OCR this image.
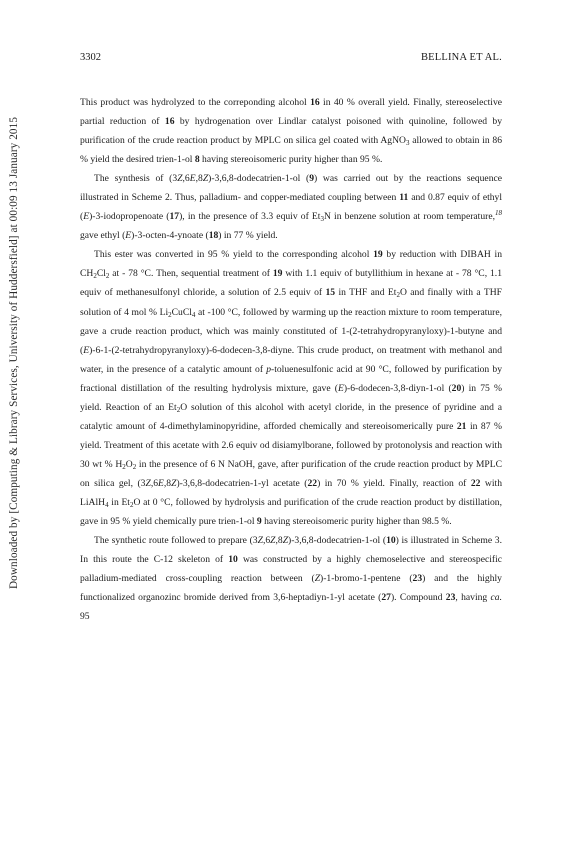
Downloaded by [Computing & Library Services, University of Huddersfield] at 00:09 13 January 2015
3302	BELLINA ET AL.

This product was hydrolyzed to the correponding alcohol 16 in 40 % overall yield. Finally, stereoselective partial reduction of 16 by hydrogenation over Lindlar catalyst poisoned with quinoline, followed by purification of the crude reaction product by MPLC on silica gel coated with AgNO$_3$ allowed to obtain in 86 % yield the desired trien-1-ol 8 having stereoisomeric purity higher than 95 %.

The synthesis of (3Z,6E,8Z)-3,6,8-dodecatrien-1-ol (9) was carried out by the reactions sequence illustrated in Scheme 2. Thus, palladium- and copper-mediated coupling between 11 and 0.87 equiv of ethyl (E)-3-iodopropenoate (17), in the presence of 3.3 equiv of $Et_3N$ in benzene solution at room temperature,$^{18}$ gave ethyl (E)-3-octen-4-ynoate (18) in 77 % yield.

This ester was converted in 95 % yield to the corresponding alcohol 19 by reduction with DIBAH in $CH_2Cl_2$ at - 78 °C. Then, sequential treatment of 19 with 1.1 equiv of butyllithium in hexane at - 78 °C, 1.1 equiv of methanesulfonyl chloride, a solution of 2.5 equiv of 15 in THF and $Et_2O$ and finally with a THF solution of 4 mol % $Li_2CuCl_4$ at -100 °C, followed by warming up the reaction mixture to room temperature, gave a crude reaction product, which was mainly constituted of 1-(2-tetrahydropyranyloxy)-1-butyne and (E)-6-1-(2-tetrahydropyranyloxy)-6-dodecen-3,8-diyne. This crude product, on treatment with methanol and water, in the presence of a catalytic amount of p-toluenesulfonic acid at 90 °C, followed by purification by fractional distillation of the resulting hydrolysis mixture, gave (E)-6-dodecen-3,8-diyn-1-ol (20) in 75 % yield. Reaction of an $Et_2O$ solution of this alcohol with acetyl cloride, in the presence of pyridine and a catalytic amount of 4-dimethylaminopyridine, afforded chemically and stereoisomerically pure 21 in 87 % yield. Treatment of this acetate with 2.6 equiv od disiamylborane, followed by protonolysis and reaction with 30 wt % $H_2O_2$ in the presence of 6 N NaOH, gave, after purification of the crude reaction product by MPLC on silica gel, (3Z,6E,8Z)-3,6,8-dodecatrien-1-yl acetate (22) in 70 % yield. Finally, reaction of 22 with LiAlH$_4$ in $Et_2O$ at 0 °C, followed by hydrolysis and purification of the crude reaction product by distillation, gave in 95 % yield chemically pure trien-1-ol 9 having stereoisomeric purity higher than 98.5 %.

The synthetic route followed to prepare (3Z,6Z,8Z)-3,6,8-dodecatrien-1-ol (10) is illustrated in Scheme 3. In this route the C-12 skeleton of 10 was constructed by a highly chemoselective and stereospecific palladium-mediated cross-coupling reaction between (Z)-1-bromo-1-pentene (23) and the highly functionalized organozinc bromide derived from 3,6-heptadiyn-1-yl acetate (27). Compound 23, having ca. 95
